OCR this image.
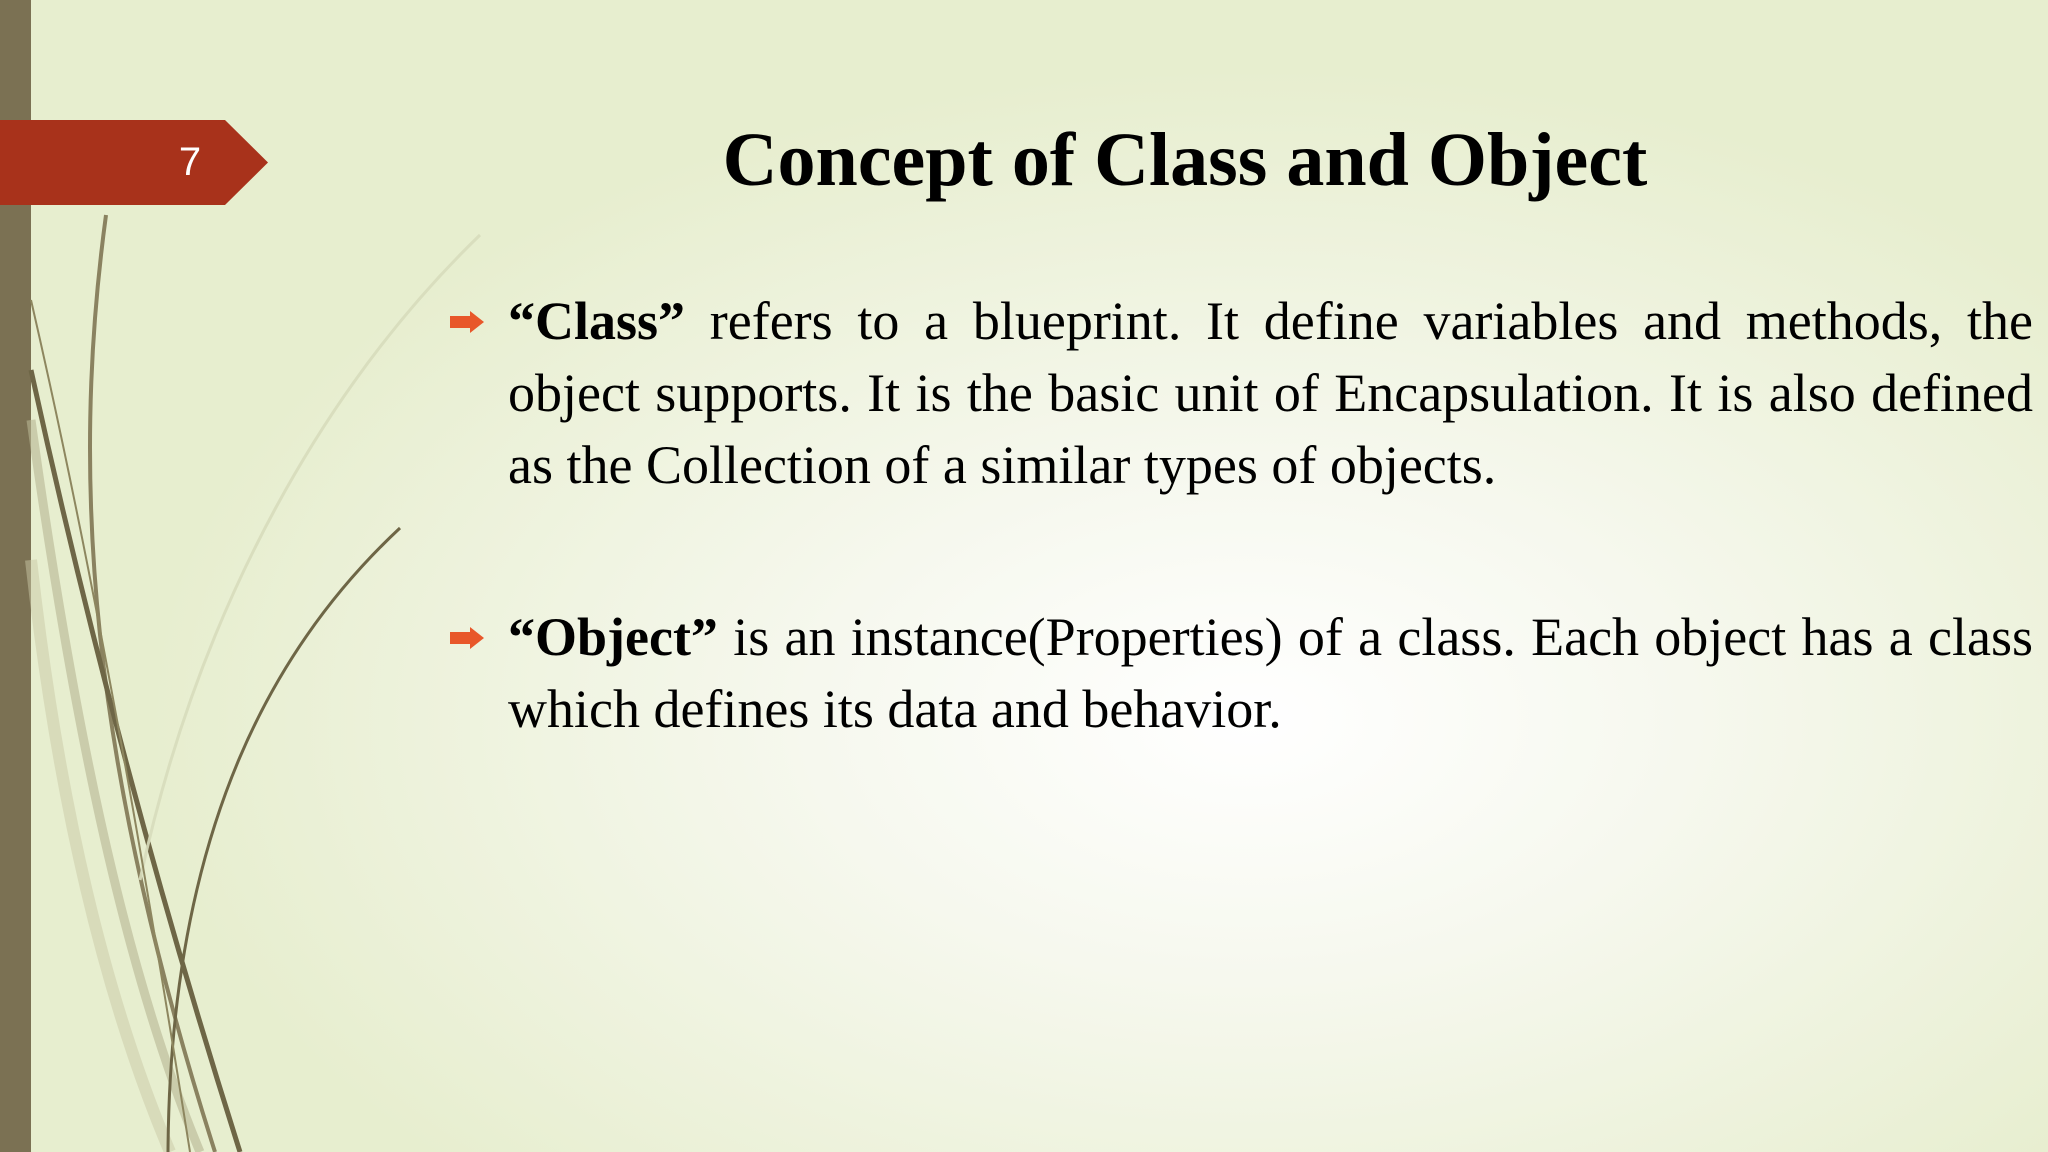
7	Concept of Class and Object
“Class” refers to a blueprint. It define variables and methods, the object supports. It is the basic unit of Encapsulation. It is also defined as the Collection of a similar types of objects.
“Object” is an instance(Properties) of a class. Each object has a class which defines its data and behavior.
